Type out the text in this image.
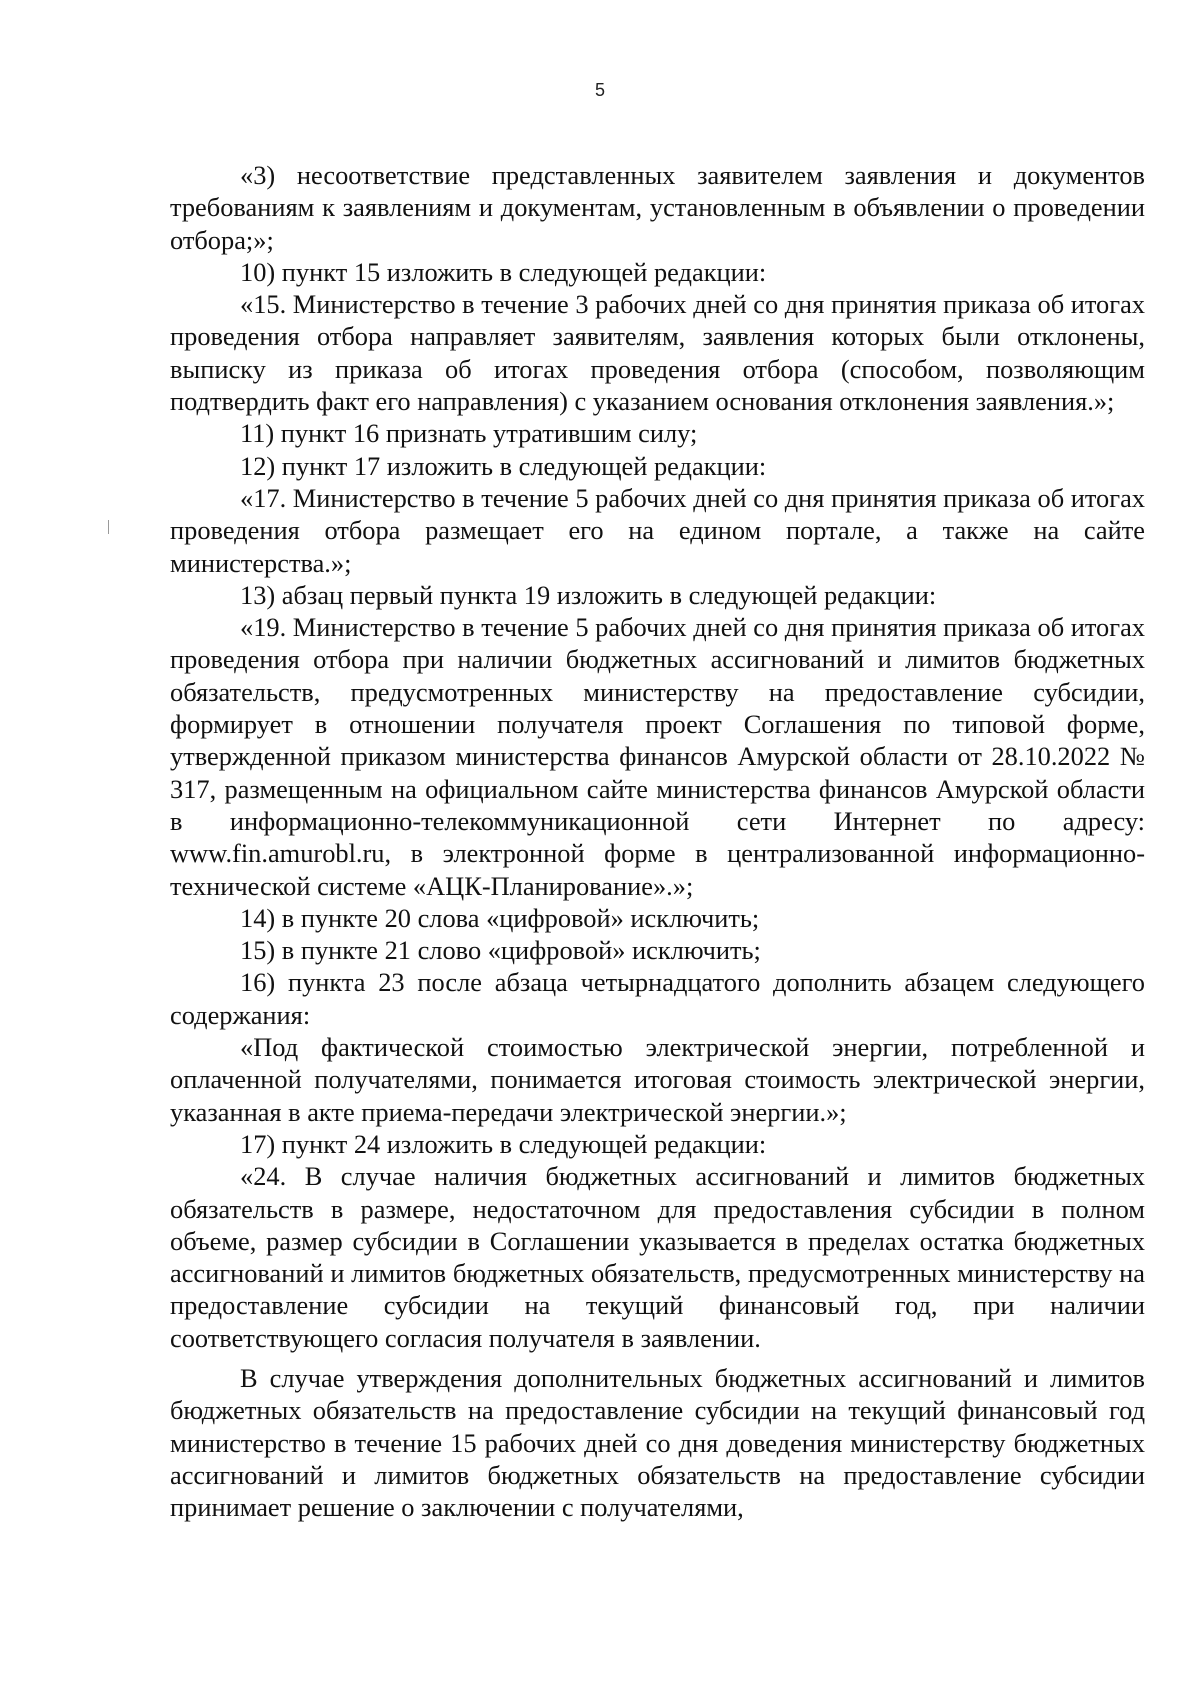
5

«3) несоответствие представленных заявителем заявления и документов требованиям к заявлениям и документам, установленным в объявлении о проведении отбора;»;

10) пункт 15 изложить в следующей редакции:

«15. Министерство в течение 3 рабочих дней со дня принятия приказа об итогах проведения отбора направляет заявителям, заявления которых были отклонены, выписку из приказа об итогах проведения отбора (способом, позволяющим подтвердить факт его направления) с указанием основания отклонения заявления.»;

11) пункт 16 признать утратившим силу;

12) пункт 17 изложить в следующей редакции:

«17. Министерство в течение 5 рабочих дней со дня принятия приказа об итогах проведения отбора размещает его на едином портале, а также на сайте министерства.»;

13) абзац первый пункта 19 изложить в следующей редакции:

«19. Министерство в течение 5 рабочих дней со дня принятия приказа об итогах проведения отбора при наличии бюджетных ассигнований и лимитов бюджетных обязательств, предусмотренных министерству на предоставление субсидии, формирует в отношении получателя проект Соглашения по типовой форме, утвержденной приказом министерства финансов Амурской области от 28.10.2022 № 317, размещенным на официальном сайте министерства финансов Амурской области в информационно-телекоммуникационной сети Интернет по адресу: www.fin.amurobl.ru, в электронной форме в централизованной информационно-технической системе «АЦК-Планирование».»;

14) в пункте 20 слова «цифровой» исключить;

15) в пункте 21 слово «цифровой» исключить;

16) пункта 23 после абзаца четырнадцатого дополнить абзацем следующего содержания:

«Под фактической стоимостью электрической энергии, потребленной и оплаченной получателями, понимается итоговая стоимость электрической энергии, указанная в акте приема-передачи электрической энергии.»;

17) пункт 24 изложить в следующей редакции:

«24. В случае наличия бюджетных ассигнований и лимитов бюджетных обязательств в размере, недостаточном для предоставления субсидии в полном объеме, размер субсидии в Соглашении указывается в пределах остатка бюджетных ассигнований и лимитов бюджетных обязательств, предусмотренных министерству на предоставление субсидии на текущий финансовый год, при наличии соответствующего согласия получателя в заявлении.

В случае утверждения дополнительных бюджетных ассигнований и лимитов бюджетных обязательств на предоставление субсидии на текущий финансовый год министерство в течение 15 рабочих дней со дня доведения министерству бюджетных ассигнований и лимитов бюджетных обязательств на предоставление субсидии принимает решение о заключении с получателями,
